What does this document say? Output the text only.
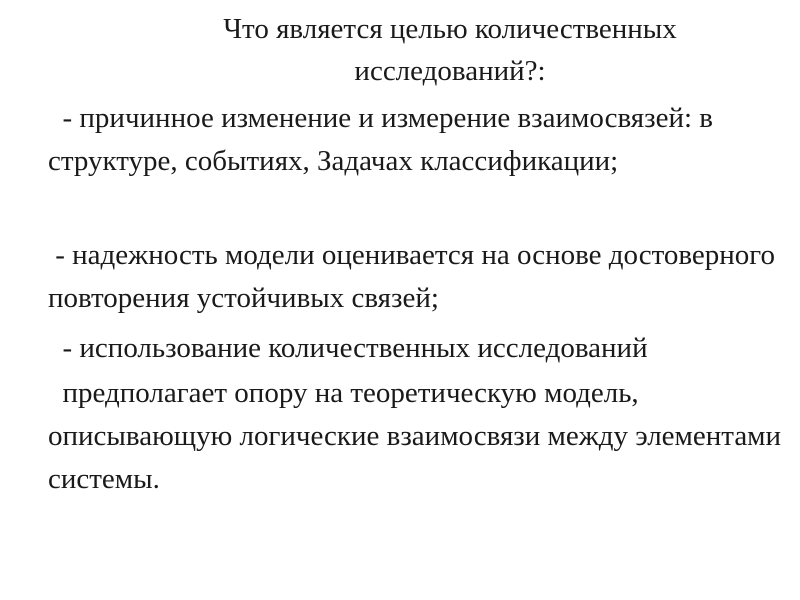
Что является целью количественных исследований?:

- причинное изменение и измерение взаимосвязей: в структуре, событиях, Задачах классификации;

- надежность модели оценивается на основе достоверного повторения устойчивых связей;

- использование количественных исследований

предполагает опору на теоретическую модель, описывающую логические взаимосвязи между элементами системы.
